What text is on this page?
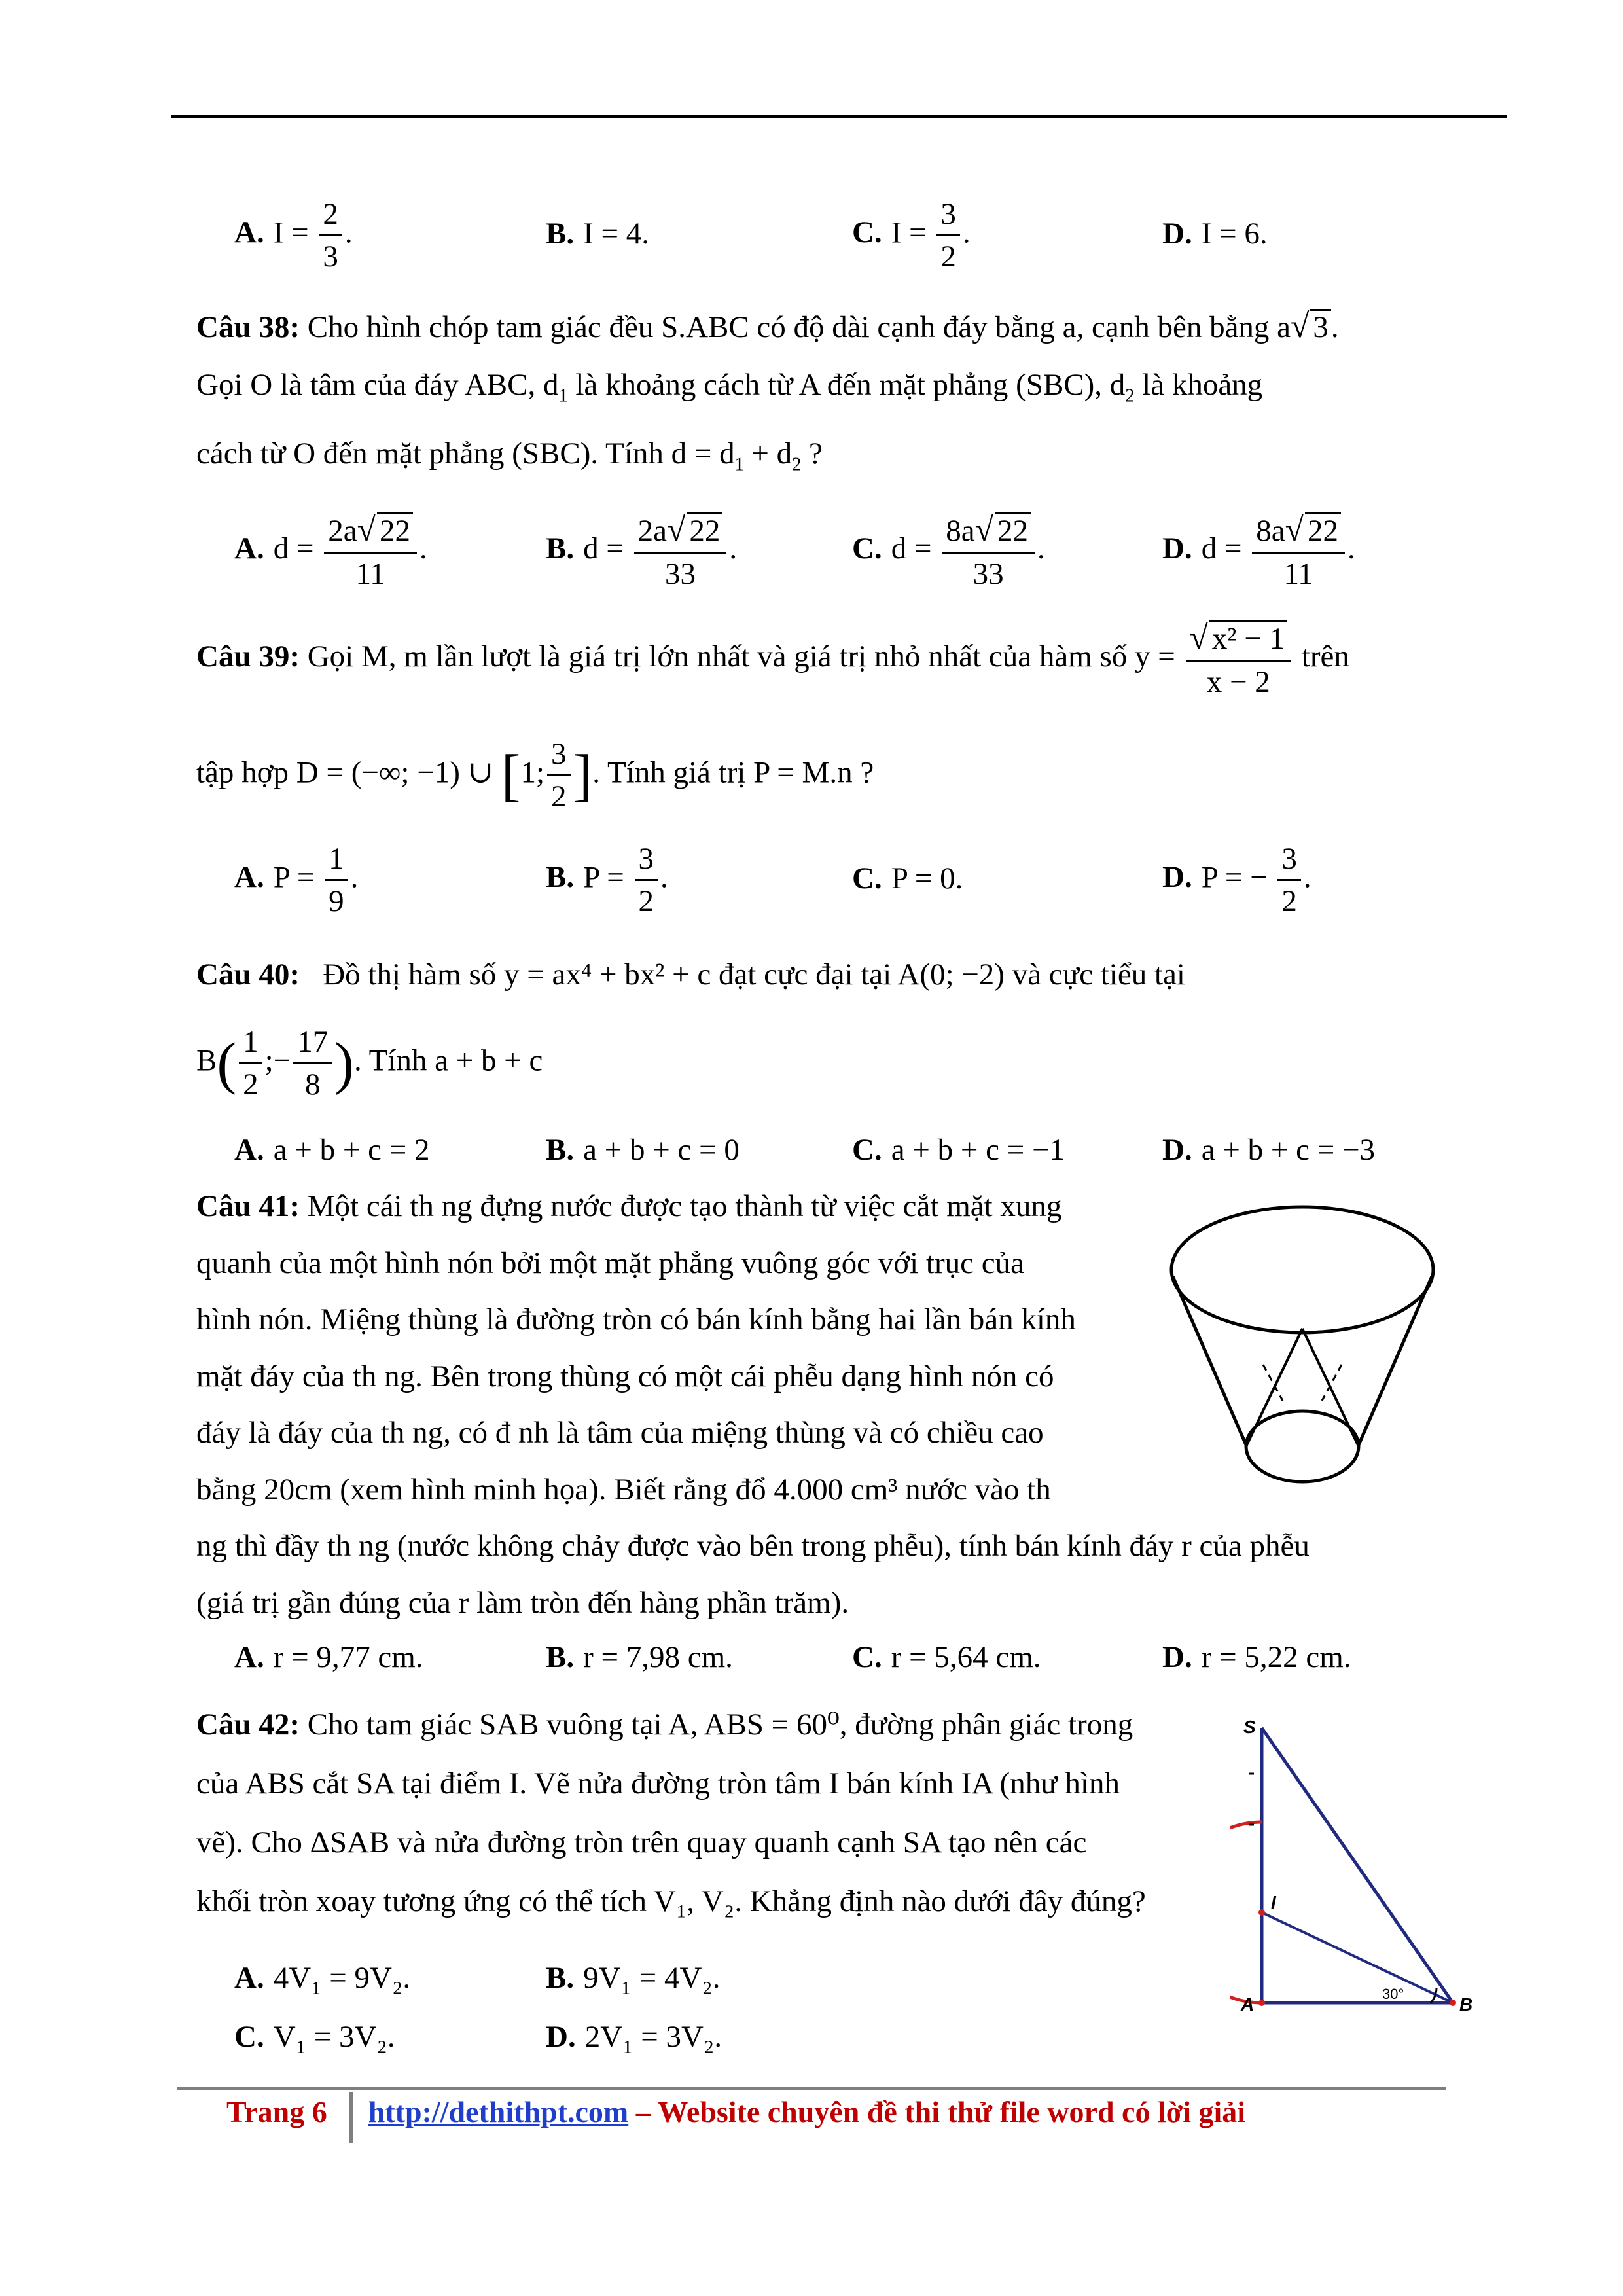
A. $I = \frac{2}{3}$ .	B. I = 4.	C. $I = \frac{3}{2}$ .	D. I = 6.
Câu 38: Cho hình chóp tam giác đều S.ABC có độ dài cạnh đáy bằng a, cạnh bên bằng a√ 3.
Gọi O là tâm của đáy ABC, $d_1$ là khoảng cách từ A đến mặt phẳng (SBC), $d_2$ là khoảng
cách từ O đến mặt phẳng (SBC). Tính $d = d_1 + d_2$ ?
A. $d = \frac{2a√ 22}{11}$ .	B. $d = \frac{2a√ 22}{33}$ .	C. $d = \frac{8a√ 22}{33}$ .	D. $d = \frac{8a√ 22}{11}$ .
Câu 39: Gọi M, m lần lượt là giá trị lớn nhất và giá trị nhỏ nhất của hàm số $y = \frac{\text{√ x² − 1}}{x - 2}$ trên
tập hợp D = (−∞; −1) ∪ [1; $\frac{3}{2}$ ]. Tính giá trị P = M.n ?
A. $P = \frac{1}{9}$ .	B. $P = \frac{3}{2}$ .	C. P = 0.	D. P = − $\frac{3}{2}$ .
Câu 40: Đồ thị hàm số y = ax⁴ + bx² + c đạt cực đại tại A(0; −2) và cực tiểu tại
$B( \frac{1}{2}$ ;− $\frac{17}{8}$ ). Tính a + b + c
A. a + b + c = 2	B. a + b + c = 0	C. a + b + c = −1	D. a + b + c = −3
Câu 41: Một cái th ng đựng nước được tạo thành từ việc cắt mặt xung
quanh của một hình nón bởi một mặt phẳng vuông góc với trục của
hình nón. Miệng thùng là đường tròn có bán kính bằng hai lần bán kính
mặt đáy của th ng. Bên trong thùng có một cái phễu dạng hình nón có
đáy là đáy của th ng, có đ nh là tâm của miệng thùng và có chiều cao
bằng 20cm (xem hình minh họa). Biết rằng đổ 4.000 cm³ nước vào th
ng thì đầy th ng (nước không chảy được vào bên trong phễu), tính bán kính đáy r của phễu
(giá trị gần đúng của r làm tròn đến hàng phần trăm).
A. r = 9,77 cm.	B. r = 7,98 cm.	C. r = 5,64 cm.	D. r = 5,22 cm.
Câu 42: Cho tam giác SAB vuông tại A, ABS = 60⁰, đường phân giác trong
của ABS cắt SA tại điểm I. Vẽ nửa đường tròn tâm I bán kính IA (như hình
vẽ). Cho ΔSAB và nửa đường tròn trên quay quanh cạnh SA tạo nên các
khối tròn xoay tương ứng có thể tích V₁, V₂. Khẳng định nào dưới đây đúng?
S
I
A	B
30°
A. 4V₁ = 9V₂.	B. 9V₁ = 4V₂.
C. V₁ = 3V₂.	D. 2V₁ = 3V₂.
Trang 6 http://dethithpt.com – Website chuyên đề thi thử file word có lời giải
